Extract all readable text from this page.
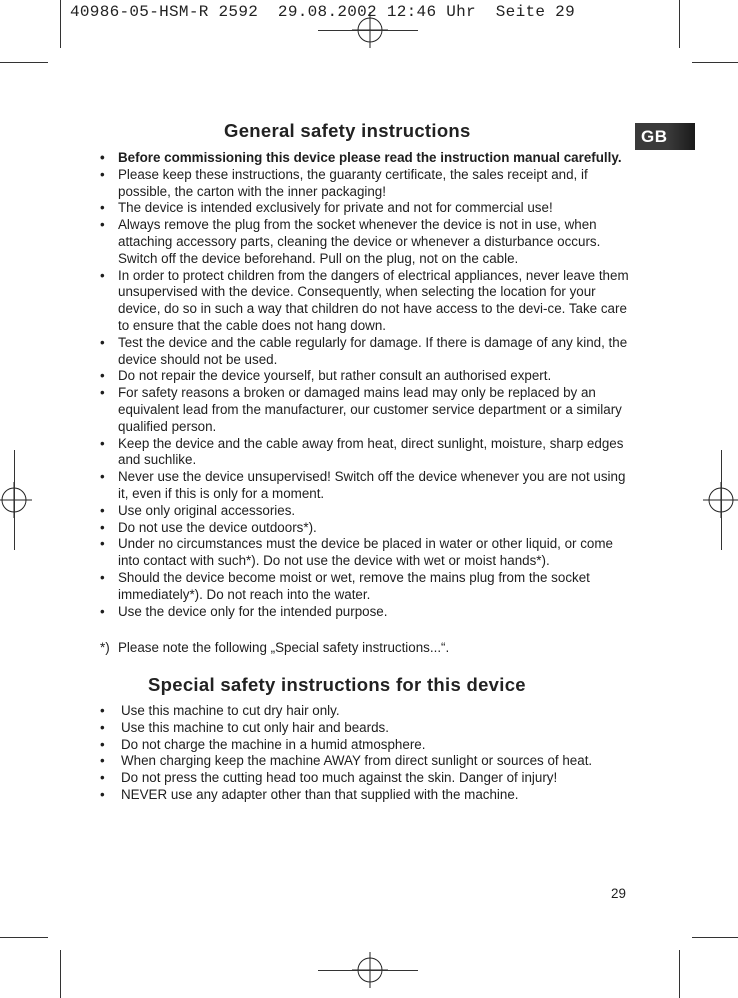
40986-05-HSM-R 2592  29.08.2002 12:46 Uhr  Seite 29
GB
General safety instructions
• Before commissioning this device please read the instruction manual carefully.
• Please keep these instructions, the guaranty certificate, the sales receipt and, if possible, the carton with the inner packaging!
• The device is intended exclusively for private and not for commercial use!
• Always remove the plug from the socket whenever the device is not in use, when attaching accessory parts, cleaning the device or whenever a disturbance occurs. Switch off the device beforehand. Pull on the plug, not on the cable.
• In order to protect children from the dangers of electrical appliances, never leave them unsupervised with the device. Consequently, when selecting the location for your device, do so in such a way that children do not have access to the devi-ce. Take care to ensure that the cable does not hang down.
• Test the device and the cable regularly for damage. If there is damage of any kind, the device should not be used.
• Do not repair the device yourself, but rather consult an authorised expert.
• For safety reasons a broken or damaged mains lead may only be replaced by an equivalent lead from the manufacturer, our customer service department or a similary qualified person.
• Keep the device and the cable away from heat, direct sunlight, moisture, sharp edges and suchlike.
• Never use the device unsupervised! Switch off the device whenever you are not using it, even if this is only for a moment.
• Use only original accessories.
• Do not use the device outdoors*).
• Under no circumstances must the device be placed in water or other liquid, or come into contact with such*). Do not use the device with wet or moist hands*).
• Should the device become moist or wet, remove the mains plug from the socket immediately*). Do not reach into the water.
• Use the device only for the intended purpose.
*) Please note the following „Special safety instructions...“.
Special safety instructions for this device
• Use this machine to cut dry hair only.
• Use this machine to cut only hair and beards.
• Do not charge the machine in a humid atmosphere.
• When charging keep the machine AWAY from direct sunlight or sources of heat.
• Do not press the cutting head too much against the skin. Danger of injury!
• NEVER use any adapter other than that supplied with the machine.
29
